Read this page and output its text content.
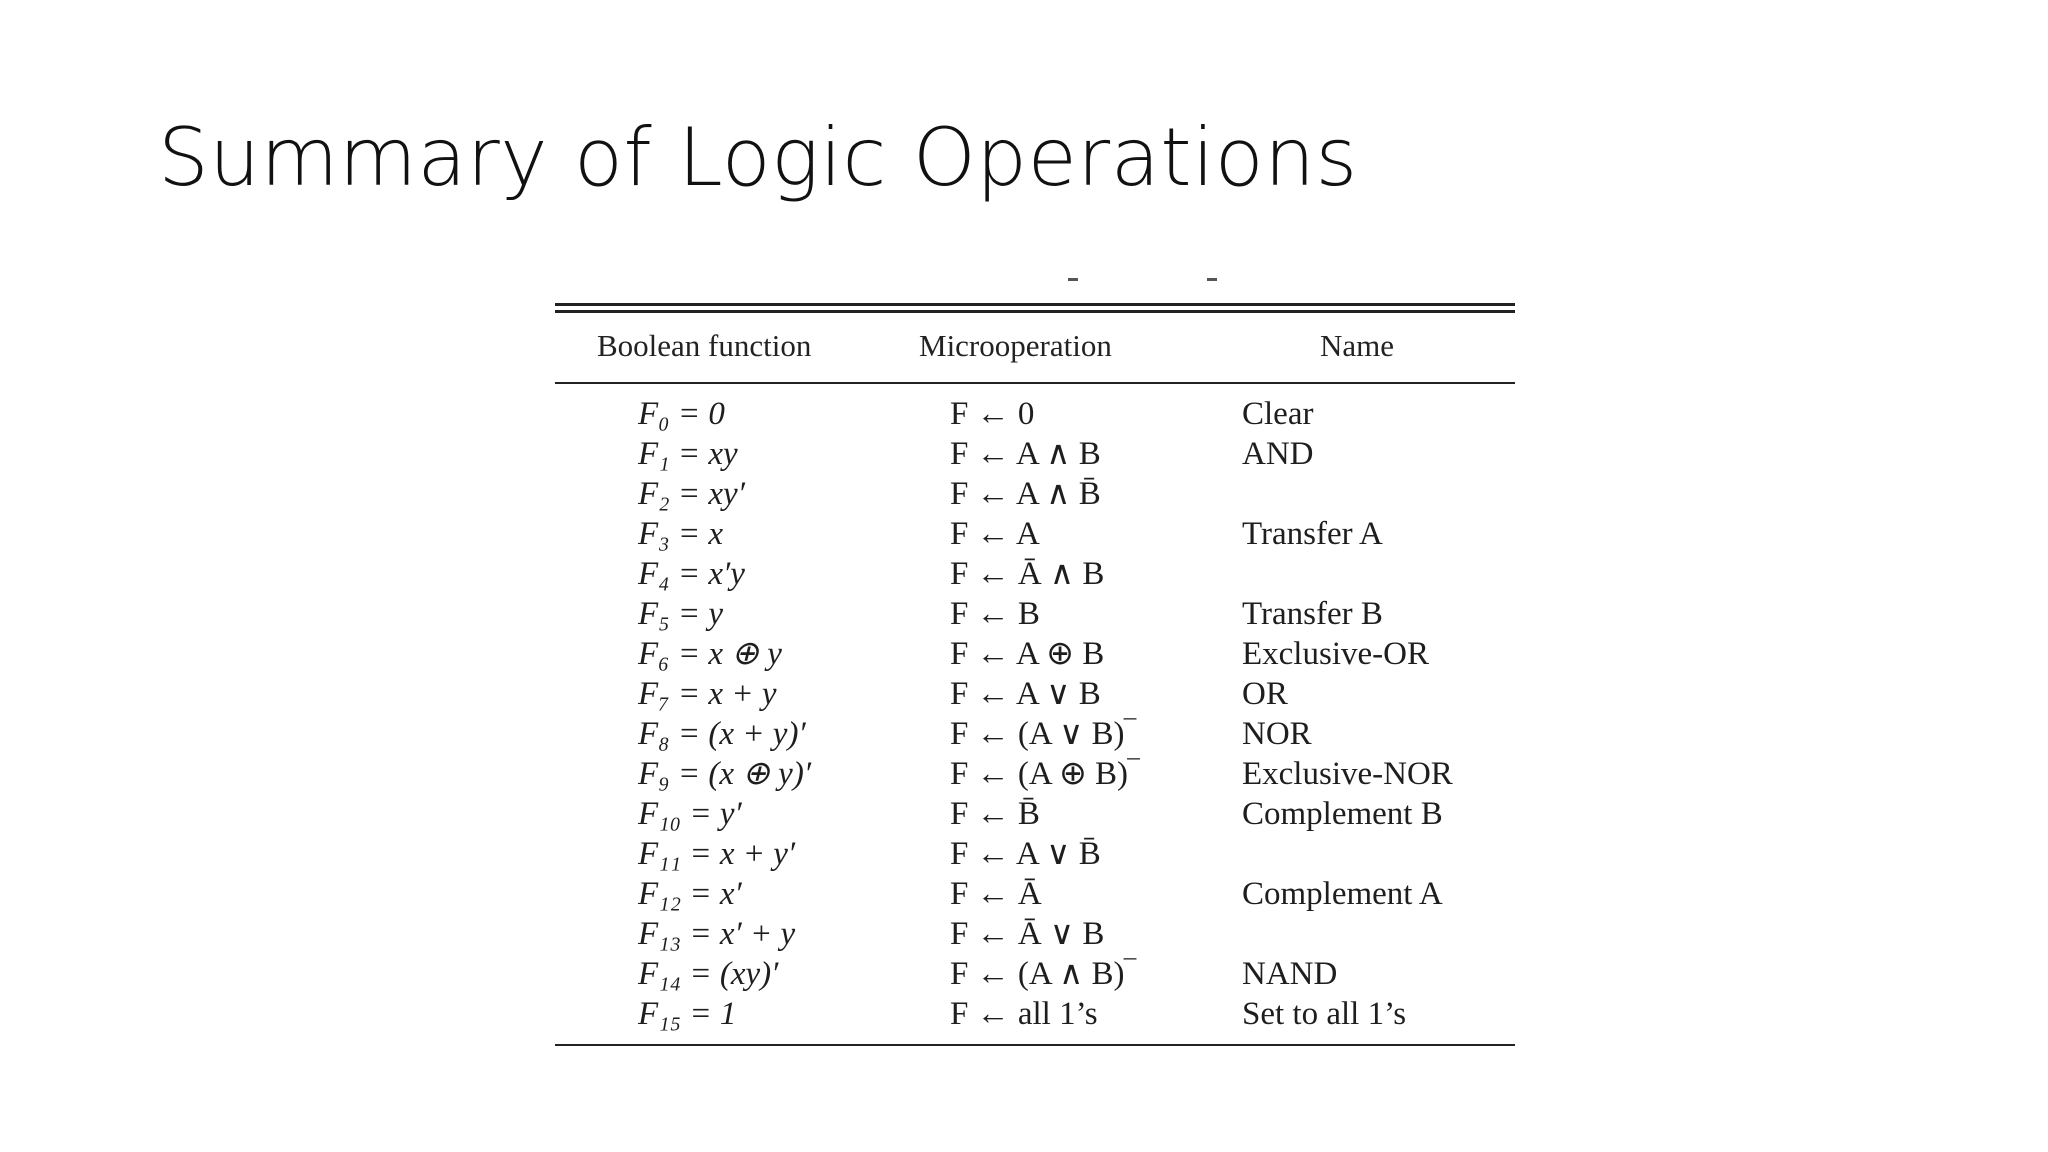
Summary of Logic Operations
Boolean function	Microoperation	Name
F₀ = 0	F ← 0	Clear
F₁ = xy	F ← A ∧ B	AND
F₂ = xy′	F ← A ∧ B̄
F₃ = x	F ← A	Transfer A
F₄ = x′y	F ← Ā ∧ B
F₅ = y	F ← B	Transfer B
F₆ = x ⊕ y	F ← A ⊕ B	Exclusive-OR
F₇ = x + y	F ← A ∨ B	OR
F₈ = (x + y)′	F ← (A ∨ B)‾	NOR
F₉ = (x ⊕ y)′	F ← (A ⊕ B)‾	Exclusive-NOR
F₁₀ = y′	F ← B̄	Complement B
F₁₁ = x + y′	F ← A ∨ B̄
F₁₂ = x′	F ← Ā	Complement A
F₁₃ = x′ + y	F ← Ā ∨ B
F₁₄ = (xy)′	F ← (A ∧ B)‾	NAND
F₁₅ = 1	F ← all 1’s	Set to all 1’s
